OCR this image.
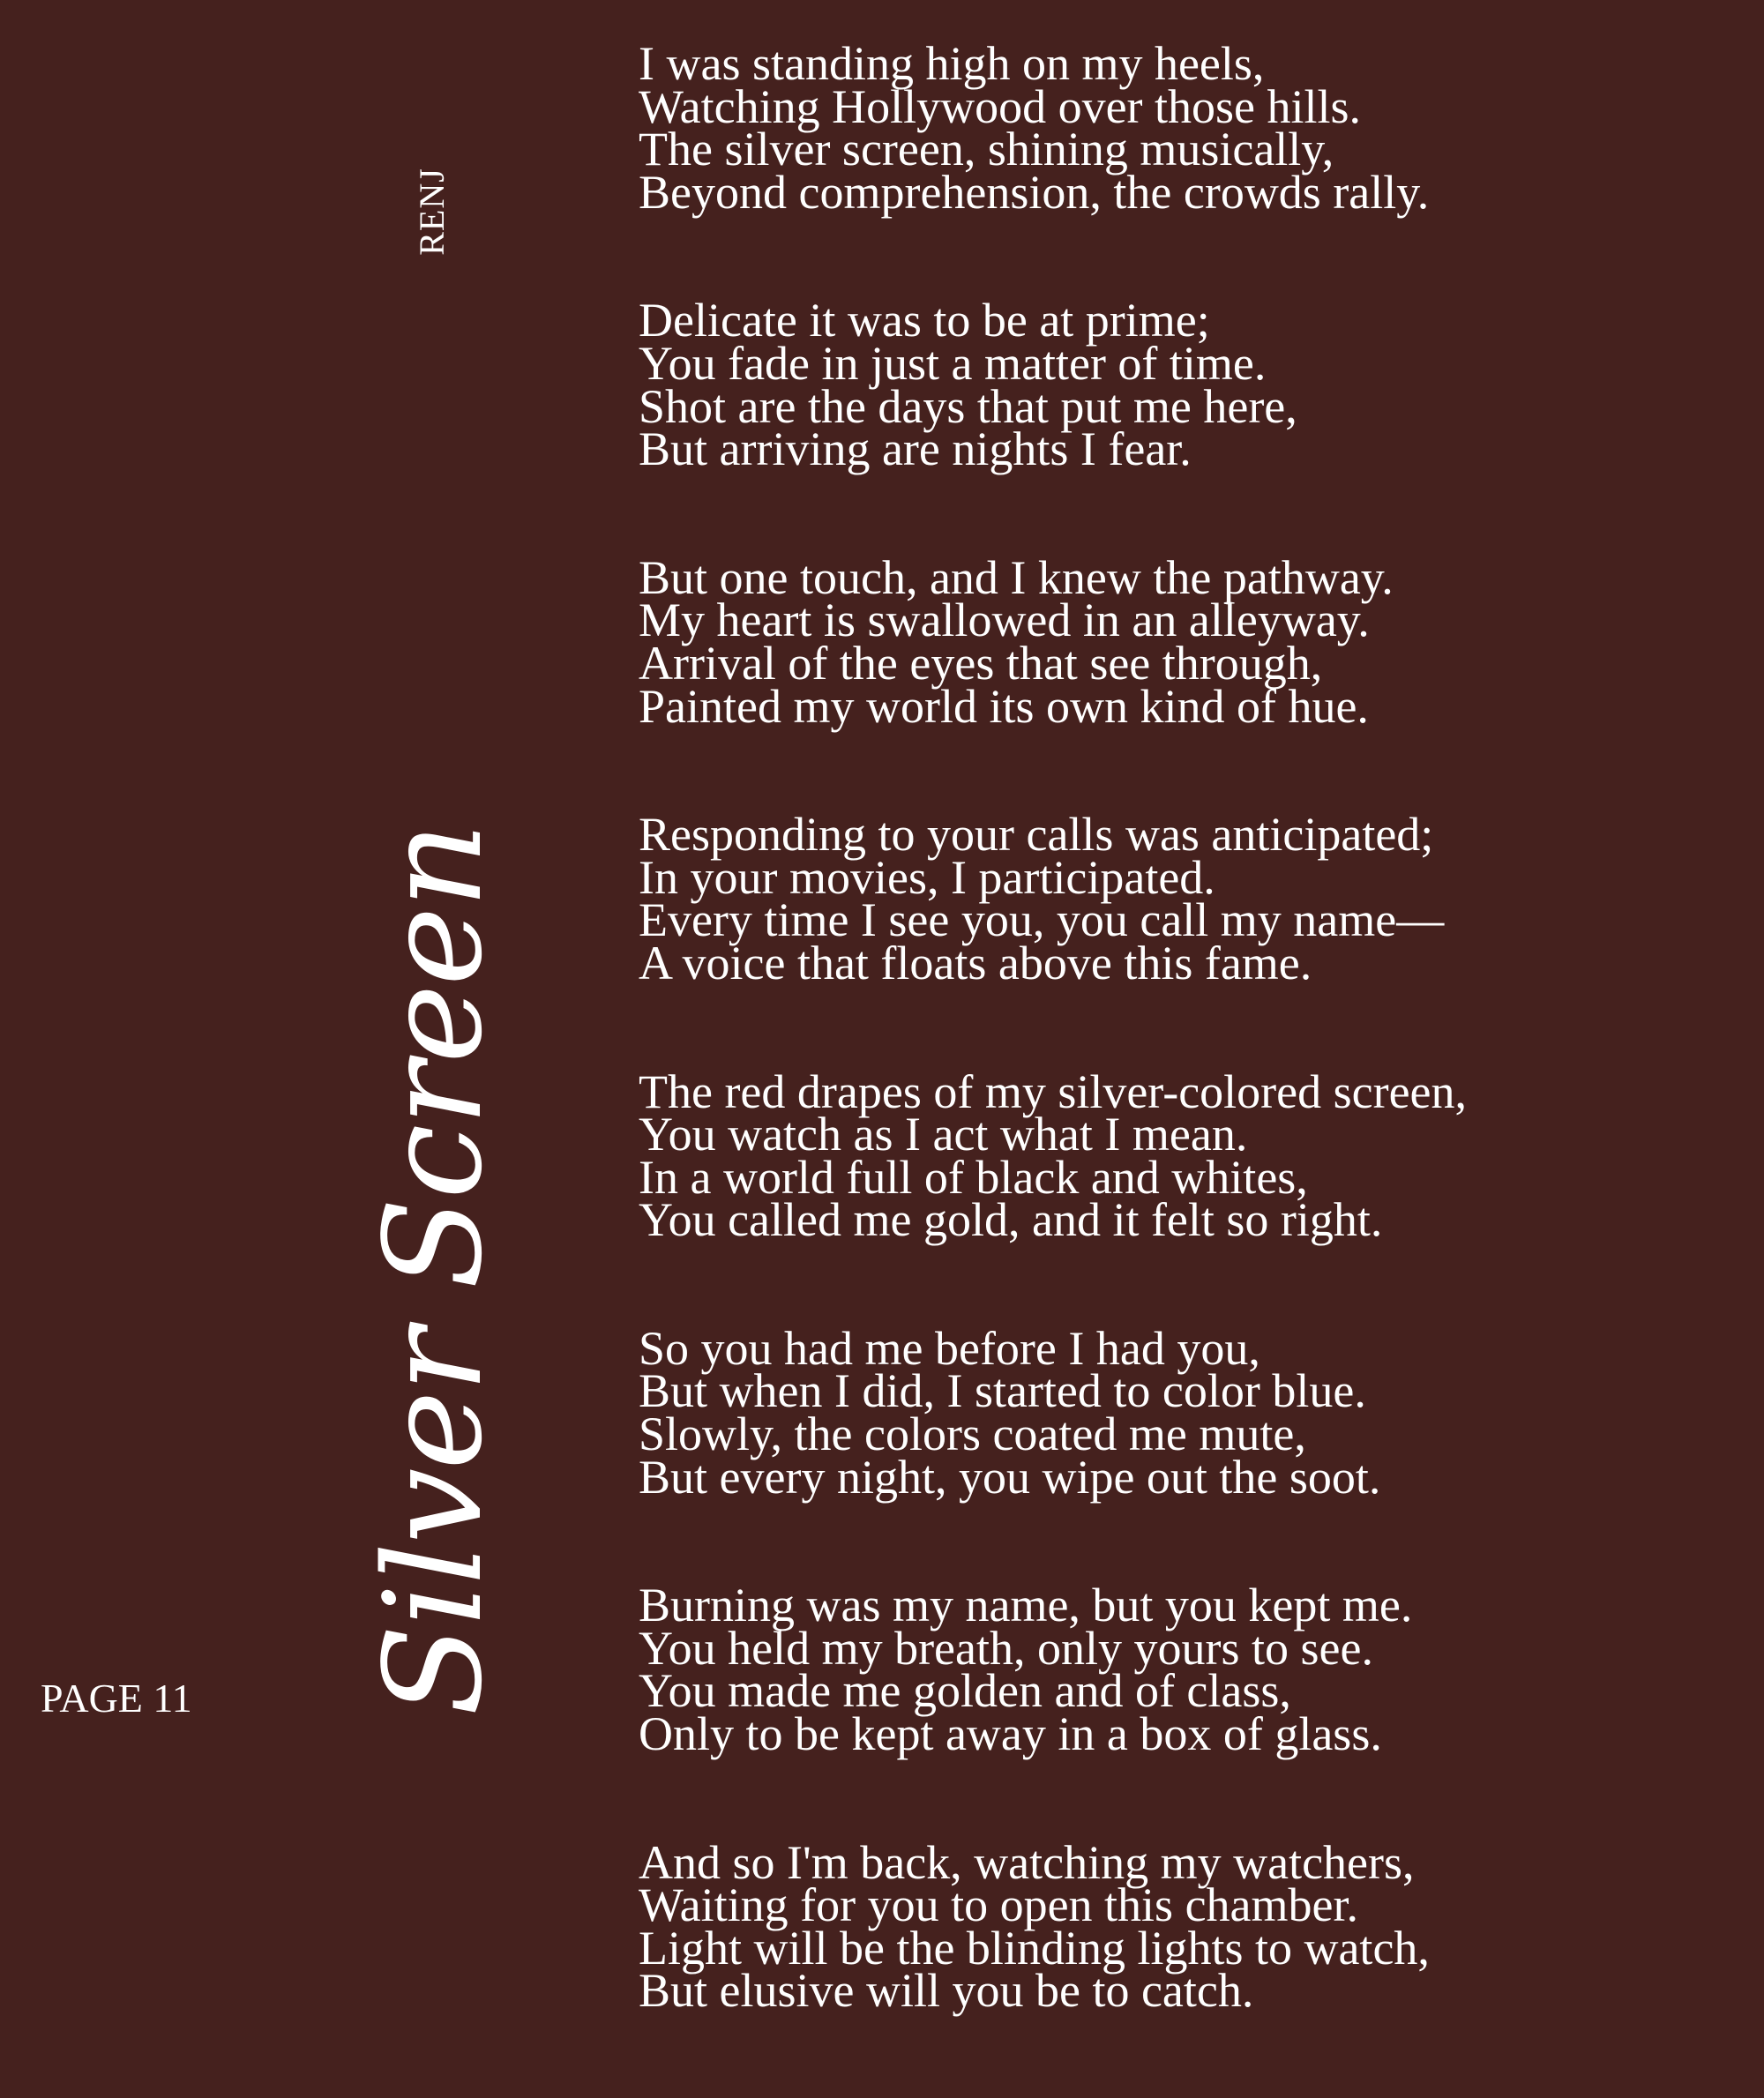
RENJ
Silver Screen
PAGE 11
I was standing high on my heels,
Watching Hollywood over those hills.
The silver screen, shining musically,
Beyond comprehension, the crowds rally.
Delicate it was to be at prime;
You fade in just a matter of time.
Shot are the days that put me here,
But arriving are nights I fear.
But one touch, and I knew the pathway.
My heart is swallowed in an alleyway.
Arrival of the eyes that see through,
Painted my world its own kind of hue.
Responding to your calls was anticipated;
In your movies, I participated.
Every time I see you, you call my name—
A voice that floats above this fame.
The red drapes of my silver-colored screen,
You watch as I act what I mean.
In a world full of black and whites,
You called me gold, and it felt so right.
So you had me before I had you,
But when I did, I started to color blue.
Slowly, the colors coated me mute,
But every night, you wipe out the soot.
Burning was my name, but you kept me.
You held my breath, only yours to see.
You made me golden and of class,
Only to be kept away in a box of glass.
And so I'm back, watching my watchers,
Waiting for you to open this chamber.
Light will be the blinding lights to watch,
But elusive will you be to catch.
